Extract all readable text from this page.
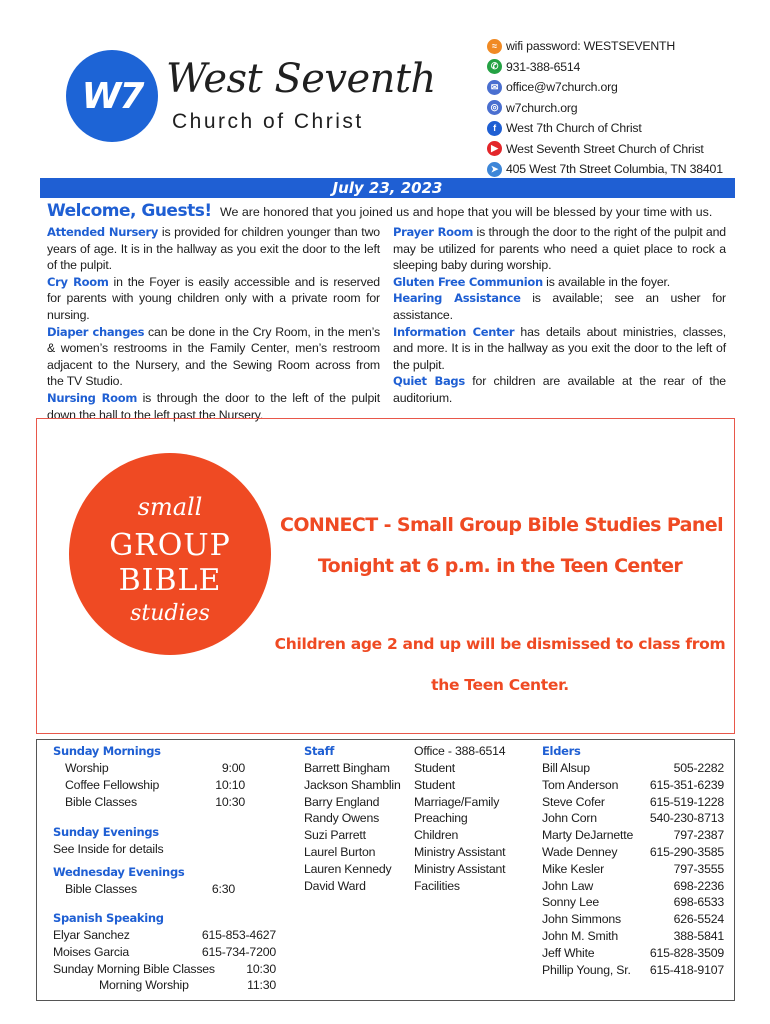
W7 West Seventh
Church of Christ
≈ wifi password: WESTSEVENTH
✆ 931-388-6514
✉ office@w7church.org
◎ w7church.org
f West 7th Church of Christ
▶ West Seventh Street Church of Christ
➤ 405 West 7th Street Columbia, TN 38401
July 23, 2023
Welcome, Guests! We are honored that you joined us and hope that you will be blessed by your time with us.
Attended Nursery is provided for children younger than two years of age. It is in the hallway as you exit the door to the left of the pulpit.
Cry Room in the Foyer is easily accessible and is reserved for parents with young children only with a private room for nursing.
Diaper changes can be done in the Cry Room, in the men’s & women’s restrooms in the Family Center, men’s restroom adjacent to the Nursery, and the Sewing Room across from the TV Studio.
Nursing Room is through the door to the left of the pulpit down the hall to the left past the Nursery.
Prayer Room is through the door to the right of the pulpit and may be utilized for parents who need a quiet place to rock a sleeping baby during worship.
Gluten Free Communion is available in the foyer.
Hearing Assistance is available; see an usher for assistance.
Information Center has details about ministries, classes, and more. It is in the hallway as you exit the door to the left of the pulpit.
Quiet Bags for children are available at the rear of the auditorium.
small
GROUP
BIBLE
studies
CONNECT - Small Group Bible Studies Panel
Tonight at 6 p.m. in the Teen Center
Children age 2 and up will be dismissed to class from
the Teen Center.
Sunday Mornings
Worship	9:00
Coffee Fellowship	10:10
Bible Classes	10:30
Sunday Evenings
See Inside for details
Wednesday Evenings
Bible Classes	6:30
Spanish Speaking
Elyar Sanchez	615-853-4627
Moises Garcia	615-734-7200
Sunday Morning Bible Classes	10:30
Morning Worship	11:30
Staff	Office - 388-6514
Barrett Bingham Student
Jackson Shamblin Student
Barry England	Marriage/Family
Randy Owens	Preaching
Suzi Parrett	Children
Laurel Burton	Ministry Assistant
Lauren Kennedy Ministry Assistant
David Ward	Facilities
Elders
Bill Alsup	505-2282
Tom Anderson	615-351-6239
Steve Cofer	615-519-1228
John Corn	540-230-8713
Marty DeJarnette	797-2387
Wade Denney	615-290-3585
Mike Kesler	797-3555
John Law	698-2236
Sonny Lee	698-6533
John Simmons	626-5524
John M. Smith	388-5841
Jeff White	615-828-3509
Phillip Young, Sr. 615-418-9107
